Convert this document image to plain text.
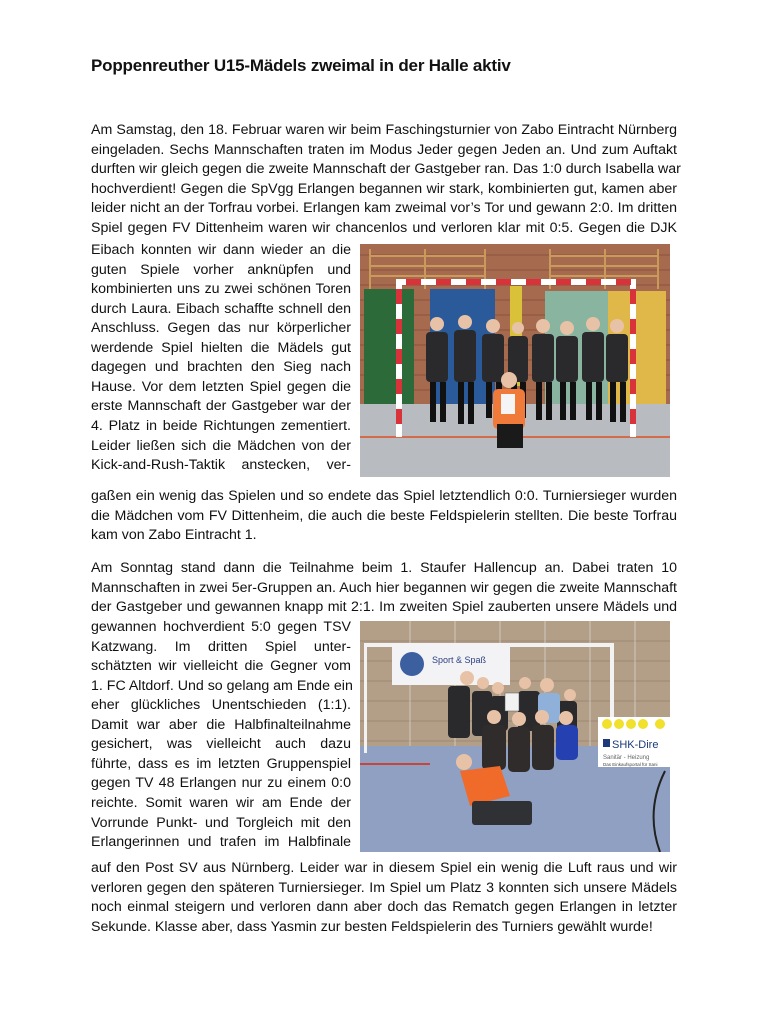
Poppenreuther U15-Mädels zweimal in der Halle aktiv
Am Samstag, den 18. Februar waren wir beim Faschingsturnier von Zabo Eintracht Nürnberg
eingeladen. Sechs Mannschaften traten im Modus Jeder gegen Jeden an. Und zum Auftakt
durften wir gleich gegen die zweite Mannschaft der Gastgeber ran. Das 1:0 durch Isabella war
hochverdient! Gegen die SpVgg Erlangen begannen wir stark, kombinierten gut, kamen aber
leider nicht an der Torfrau vorbei. Erlangen kam zweimal vor’s Tor und gewann 2:0. Im dritten
Spiel gegen FV Dittenheim waren wir chancenlos und verloren klar mit 0:5. Gegen die DJK
Eibach konnten wir dann wieder an die
guten Spiele vorher anknüpfen und
kombinierten uns zu zwei schönen Toren
durch Laura. Eibach schaffte schnell den
Anschluss. Gegen das nur körperlicher
werdende Spiel hielten die Mädels gut
dagegen und brachten den Sieg nach
Hause. Vor dem letzten Spiel gegen die
erste Mannschaft der Gastgeber war der
4. Platz in beide Richtungen zementiert.
Leider ließen sich die Mädchen von der
Kick-and-Rush-Taktik anstecken, ver-
gaßen ein wenig das Spielen und so endete das Spiel letztendlich 0:0. Turniersieger wurden
die Mädchen vom FV Dittenheim, die auch die beste Feldspielerin stellten. Die beste Torfrau
kam von Zabo Eintracht 1.
Am Sonntag stand dann die Teilnahme beim 1. Staufer Hallencup an. Dabei traten 10
Mannschaften in zwei 5er-Gruppen an. Auch hier begannen wir gegen die zweite Mannschaft
der Gastgeber und gewannen knapp mit 2:1. Im zweiten Spiel zauberten unsere Mädels und
gewannen hochverdient 5:0 gegen TSV
Katzwang. Im dritten Spiel unter-
schätzten wir vielleicht die Gegner vom
1. FC Altdorf. Und so gelang am Ende ein
eher glückliches Unentschieden (1:1).
Damit war aber die Halbfinalteilnahme
gesichert, was vielleicht auch dazu
führte, dass es im letzten Gruppenspiel
gegen TV 48 Erlangen nur zu einem 0:0
reichte. Somit waren wir am Ende der
Vorrunde Punkt- und Torgleich mit den
Erlangerinnen und trafen im Halbfinale
auf den Post SV aus Nürnberg. Leider war in diesem Spiel ein wenig die Luft raus und wir
verloren gegen den späteren Turniersieger. Im Spiel um Platz 3 konnten sich unsere Mädels
noch einmal steigern und verloren dann aber doch das Rematch gegen Erlangen in letzter
Sekunde. Klasse aber, dass Yasmin zur besten Feldspielerin des Turniers gewählt wurde!
Sport & Spaß
SHK-Dire
Sanitär - Heizung
Das Einkaufsportal für Sani
